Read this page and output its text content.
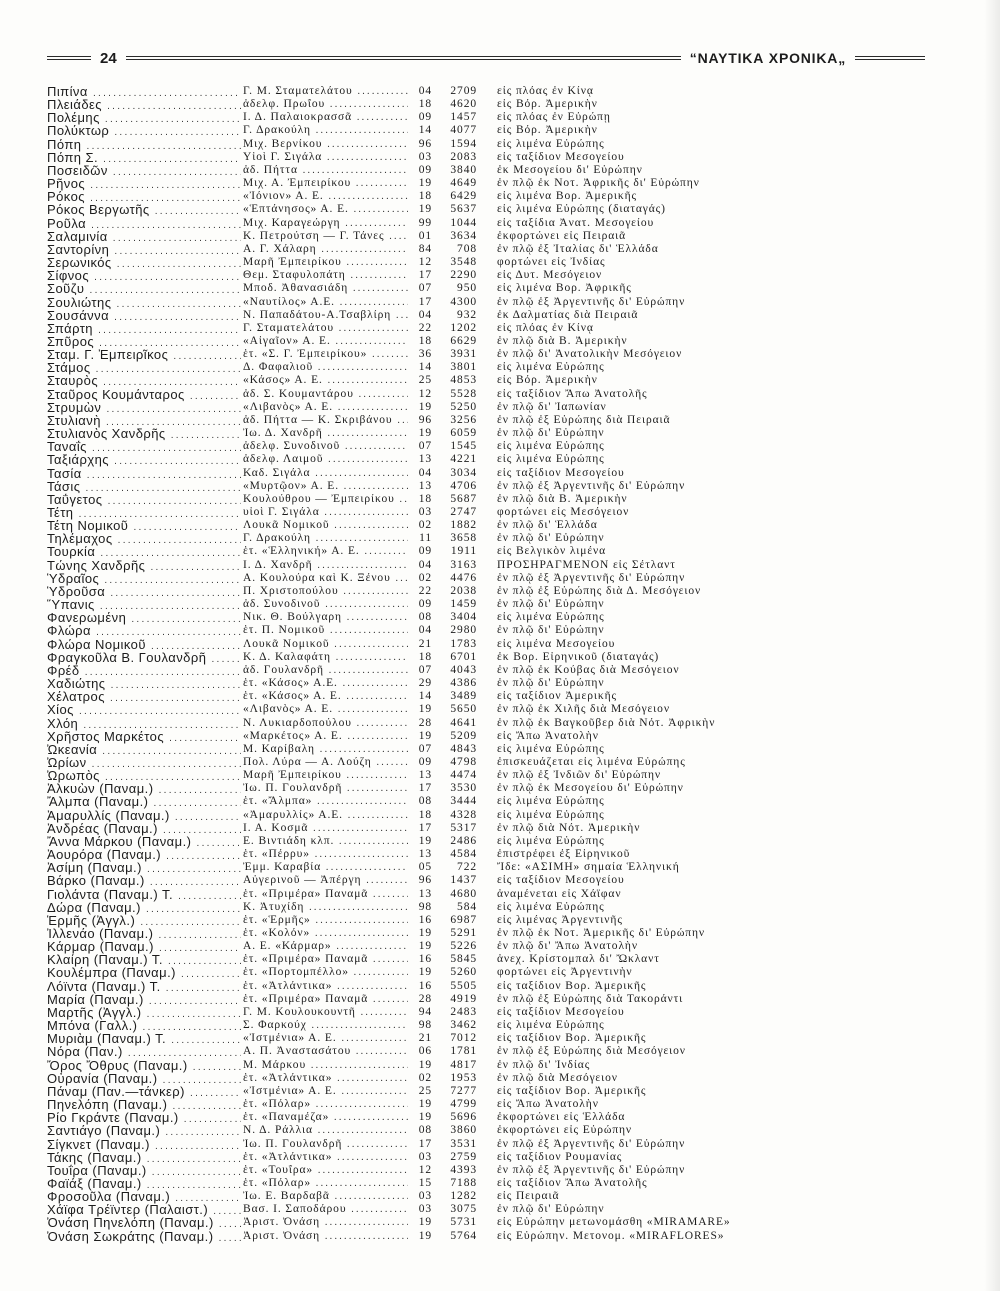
24	“ΝΑΥΤΙΚΑ ΧΡΟΝΙΚΑ„
Πιπίνα .....	Γ. Μ. Σταματελάτου .....	04	2709 εἰς πλόας ἐν Κίνᾳ
Πλειάδες .....	ἀδελφ. Πρωΐου .....	18	4620 εἰς Βόρ. Ἀμερικὴν
Πολέμης .....	Ι. Δ. Παλαιοκρασσᾶ .....	09	1457 εἰς πλόας ἐν Εὐρώπῃ
Πολύκτωρ .....	Γ. Δρακούλη .....	14	4077 εἰς Βόρ. Ἀμερικὴν
Πόπη .....	Μιχ. Βερνίκου .....	96	1594 εἰς λιμένα Εὐρώπης
Πόπη Σ. .....	Υἱοὶ Γ. Σιγάλα .....	03	2083 εἰς ταξίδιον Μεσογείου
Ποσειδῶν .....	ἀδ. Πήττα .....	09	3840 ἐκ Μεσογείου δι' Εὐρώπην
Ρῆνος .....	Μιχ. Α. Ἐμπειρίκου .....	19	4649 ἐν πλῷ ἐκ Νοτ. Ἀφρικῆς δι' Εὐρώπην
Ρόκος .....	«Ἰόνιον» Α. Ε. .....	18	6429 εἰς λιμένα Βορ. Ἀμερικῆς
Ρόκος Βεργωτῆς .....	«Ἑπτάνησος» Α. Ε. .....	19	5637 εἰς λιμένα Εὐρώπης (διαταγάς)
Ροῦλα .....	Μιχ. Καραγεώργη .....	99	1044 εἰς ταξίδια Ἀνατ. Μεσογείου
Σαλαμινία .....	Κ. Πετρούτση — Γ. Τάνες .....	01	3634 ἐκφορτώνει εἰς Πειραιᾶ
Σαντορίνη .....	Α. Γ. Χάλαρη .....	84	708 ἐν πλῷ ἐξ Ἰταλίας δι' Ἑλλάδα
Σερωνικός .....	Μαρῆ Ἐμπειρίκου .....	12	3548 φορτώνει εἰς Ἰνδίας
Σίφνος .....	Θεμ. Σταφυλοπάτη .....	17	2290 εἰς Δυτ. Μεσόγειον
Σοῦζυ .....	Μποδ. Ἀθανασιάδη .....	07	950 εἰς λιμένα Βορ. Ἀφρικῆς
Σουλιώτης .....	«Ναυτίλος» Α.Ε. .....	17	4300 ἐν πλῷ ἐξ Ἀργεντινῆς δι' Εὐρώπην
Σουσάννα .....	Ν. Παπαδάτου-Α.Τσαβλίρη .....	04	932 ἐκ Δαλματίας διὰ Πειραιᾶ
Σπάρτη .....	Γ. Σταματελάτου .....	22	1202 εἰς πλόας ἐν Κίνᾳ
Σπῦρος .....	«Αἰγαῖον» Α. Ε. .....	18	6629 ἐν πλῷ διὰ Β. Ἀμερικὴν
Σταμ. Γ. Ἐμπειρῖκος .....	ἑτ. «Σ. Γ. Ἐμπειρίκου» .....	36	3931 ἐν πλῷ δι' Ἀνατολικὴν Μεσόγειον
Στάμος .....	Δ. Φαφαλιοῦ .....	14	3801 εἰς λιμένα Εὐρώπης
Σταυρὸς .....	«Κάσος» Α. Ε. .....	25	4853 εἰς Βόρ. Ἀμερικὴν
Σταῦρος Κουμάνταρος .....	ἀδ. Σ. Κουμαντάρου .....	12	5528 εἰς ταξίδιον Ἄπω Ἀνατολῆς
Στρυμὼν .....	«Λιβανὸς» Α. Ε. .....	19	5250 ἐν πλῷ δι' Ἰαπωνίαν
Στυλιανὴ .....	ἀδ. Πήττα — Κ. Σκριβάνου .....	96	3256 ἐν πλῷ ἐξ Εὐρώπης διὰ Πειραιᾶ
Στυλιανὸς Χανδρῆς .....	Ἰω. Δ. Χανδρῆ .....	19	6059 ἐν πλῷ δι' Εὐρώπην
Ταναΐς .....	ἀδελφ. Συνοδινοῦ .....	07	1545 εἰς λιμένα Εὐρώπης
Ταξιάρχης .....	ἀδελφ. Λαιμοῦ .....	13	4221 εἰς λιμένα Εὐρώπης
Τασία .....	Καδ. Σιγάλα .....	04	3034 εἰς ταξίδιον Μεσογείου
Τάσις .....	«Μυρτῷον» Α. Ε. .....	13	4706 ἐν πλῷ ἐξ Ἀργεντινῆς δι' Εὐρώπην
Ταΰγετος .....	Κουλούθρου — Ἐμπειρίκου .....	18	5687 ἐν πλῷ διὰ Β. Ἀμερικὴν
Τέτη .....	υἱοὶ Γ. Σιγάλα .....	03	2747 φορτώνει εἰς Μεσόγειον
Τέτη Νομικοῦ .....	Λουκᾶ Νομικοῦ .....	02	1882 ἐν πλῷ δι' Ἑλλάδα
Τηλέμαχος .....	Γ. Δρακούλη .....	11	3658 ἐν πλῷ δι' Εὐρώπην
Τουρκία .....	ἑτ. «Ἑλληνική» Α. Ε. .....	09	1911 εἰς Βελγικὸν λιμένα
Τώνης Χανδρῆς .....	Ι. Δ. Χανδρῆ .....	04	3163 ΠΡΟΣΗΡΑΓΜΕΝΟΝ εἰς Σέτλαντ
Ὑδραῖος .....	Α. Κουλούρα καὶ Κ. Ξένου .....	02	4476 ἐν πλῷ ἐξ Ἀργεντινῆς δι' Εὐρώπην
Ὑδροῦσα .....	Π. Χριστοπούλου .....	22	2038 ἐν πλῷ ἐξ Εὐρώπης διὰ Δ. Μεσόγειον
Ὕπανις .....	ἀδ. Συνοδινοῦ .....	09	1459 ἐν πλῷ δι' Εὐρώπην
Φανερωμένη .....	Νικ. Θ. Βούλγαρη .....	08	3404 εἰς λιμένα Εὐρώπης
Φλώρα .....	ἑτ. Π. Νομικοῦ .....	04	2980 ἐν πλῷ δι' Εὐρώπην
Φλώρα Νομικοῦ .....	Λουκᾶ Νομικοῦ .....	21	1783 εἰς λιμένα Μεσογείου
Φραγκοῦλα Β. Γουλανδρῆ .....	Κ. Δ. Καλαφάτη .....	18	6701 ἐκ Βορ. Εἰρηνικοῦ (διαταγάς)
Φρέδ .....	ἀδ. Γουλανδρῆ .....	07	4043 ἐν πλῷ ἐκ Κούβας διὰ Μεσόγειον
Χαδιώτης .....	ἑτ. «Κάσος» Α.Ε. .....	29	4386 ἐν πλῷ δι' Εὐρώπην
Χέλατρος .....	ἑτ. «Κάσος» Α. Ε. .....	14	3489 εἰς ταξίδιον Ἀμερικῆς
Χίος .....	«Λιβανὸς» Α. Ε. .....	19	5650 ἐν πλῷ ἐκ Χιλῆς διὰ Μεσόγειον
Χλόη .....	Ν. Λυκιαρδοπούλου .....	28	4641 ἐν πλῷ ἐκ Βαγκοῦβερ διὰ Νότ. Ἀφρικὴν
Χρῆστος Μαρκέτος .....	«Μαρκέτος» Α. Ε. .....	19	5209 εἰς Ἄπω Ἀνατολὴν
Ὠκεανία .....	Μ. Καρίβαλη .....	07	4843 εἰς λιμένα Εὐρώπης
Ὠρίων .....	Πολ. Λύρα — Α. Λούζη .....	09	4798 ἐπισκευάζεται εἰς λιμένα Εὐρώπης
Ὠρωπὸς .....	Μαρῆ Ἐμπειρίκου .....	13	4474 ἐν πλῷ ἐξ Ἰνδιῶν δι' Εὐρώπην
Ἀλκυὼν (Παναμ.) .....	Ἰω. Π. Γουλανδρῆ .....	17	3530 ἐν πλῷ ἐκ Μεσογείου δι' Εὐρώπην
Ἄλμπα (Παναμ.) .....	ἑτ. «Ἄλμπα» .....	08	3444 εἰς λιμένα Εὐρώπης
Ἀμαρυλλίς (Παναμ.) .....	«Ἀμαρυλλίς» Α.Ε. .....	18	4328 εἰς λιμένα Εὐρώπης
Ἀνδρέας (Παναμ.) .....	Ι. Α. Κοσμᾶ .....	17	5317 ἐν πλῷ διὰ Νότ. Ἀμερικὴν
Ἄννα Μάρκου (Παναμ.) .....	Ε. Βιντιάδη κλπ. .....	19	2486 εἰς λιμένα Εὐρώπης
Ἀουρόρα (Παναμ.) .....	ἑτ. «Πέρρυ» .....	13	4584 ἐπιστρέφει ἐξ Εἰρηνικοῦ
Ἀσίμη (Παναμ.) .....	Ἐμμ. Καραβία .....	05	722 Ἴδε: «ΑΣΙΜΗ» σημαία Ἑλληνική
Βάρκο (Παναμ.) .....	Αὐγερινοῦ — Ἀπέργη .....	96	1437 εἰς ταξίδιον Μεσογείου
Γιολάντα (Παναμ.) Τ. .....	ἑτ. «Πριμέρα» Παναμᾶ .....	13	4680 ἀναμένεται εἰς Χάϊφαν
Δώρα (Παναμ.) .....	Κ. Ἀτυχίδη .....	98	584 εἰς λιμένα Εὐρώπης
Ἑρμῆς (Ἀγγλ.) .....	ἑτ. «Ἑρμῆς» .....	16	6987 εἰς λιμένας Ἀργεντινῆς
Ἰλλενάο (Παναμ.) .....	ἑτ. «Κολόν» .....	19	5291 ἐν πλῷ ἐκ Νοτ. Ἀμερικῆς δι' Εὐρώπην
Κάρμαρ (Παναμ.) .....	Α. Ε. «Κάρμαρ» .....	19	5226 ἐν πλῷ δι' Ἄπω Ἀνατολὴν
Κλαίρη (Παναμ.) Τ. .....	ἑτ. «Πριμέρα» Παναμᾶ .....	16	5845 ἀνεχ. Κρίστομπαλ δι' Ὤκλαντ
Κουλέμπρα (Παναμ.) .....	ἑτ. «Πορτομπέλλο» .....	19	5260 φορτώνει εἰς Ἀργεντινὴν
Λόϊντα (Παναμ.) Τ. .....	ἑτ. «Ἀτλάντικα» .....	16	5505 εἰς ταξίδιον Βορ. Ἀμερικῆς
Μαρία (Παναμ.) .....	ἑτ. «Πριμέρα» Παναμᾶ .....	28	4919 ἐν πλῷ ἐξ Εὐρώπης διὰ Τακοράντι
Μαρτῆς (Ἀγγλ.) .....	Γ. Μ. Κουλουκουντῆ .....	94	2483 εἰς ταξίδιον Μεσογείου
Μπόνα (Γαλλ.) .....	Σ. Φαρκούχ .....	98	3462 εἰς λιμένα Εὐρώπης
Μυριὰμ (Παναμ.) Τ. .....	«Ἰστμένια» Α. Ε. .....	21	7012 εἰς ταξίδιον Βορ. Ἀμερικῆς
Νόρα (Παν.) .....	Α. Π. Ἀναστασάτου .....	06	1781 ἐν πλῷ ἐξ Εὐρώπης διὰ Μεσόγειον
Ὄρος Ὄθρυς (Παναμ.) .....	Μ. Μάρκου .....	19	4817 ἐν πλῷ δι' Ἰνδίας
Οὐρανία (Παναμ.) .....	ἑτ. «Ἀτλάντικα» .....	02	1953 ἐν πλῷ διὰ Μεσόγειον
Πάναμ (Παν.—τάνκερ) .....	«Ἰστμένια» Α. Ε. .....	25	7277 εἰς ταξίδιον Βορ. Ἀμερικῆς
Πηνελόπη (Παναμ.) .....	ἑτ. «Πόλαρ» .....	19	4799 εἰς Ἄπω Ἀνατολὴν
Ρίο Γκράντε (Παναμ.) .....	ἑτ. «Παναμέζα» .....	19	5696 ἐκφορτώνει εἰς Ἑλλάδα
Σαντιάγο (Παναμ.) .....	Ν. Δ. Ράλλια .....	08	3860 ἐκφορτώνει εἰς Εὐρώπην
Σίγκνετ (Παναμ.) .....	Ἰω. Π. Γουλανδρῆ .....	17	3531 ἐν πλῷ ἐξ Ἀργεντινῆς δι' Εὐρώπην
Τάκης (Παναμ.) .....	ἑτ. «Ἀτλάντικα» .....	03	2759 εἰς ταξίδιον Ρουμανίας
Τουΐρα (Παναμ.) .....	ἑτ. «Τουΐρα» .....	12	4393 ἐν πλῷ ἐξ Ἀργεντινῆς δι' Εὐρώπην
Φαϊάξ (Παναμ.) .....	ἑτ. «Πόλαρ» .....	15	7188 εἰς ταξίδιον Ἄπω Ἀνατολῆς
Φροσοῦλα (Παναμ.) .....	Ἰω. Ε. Βαρδαβᾶ .....	03	1282 εἰς Πειραιᾶ
Χάϊφα Τρέϊντερ (Παλαιστ.) .....	Βασ. Ι. Σαποδάρου .....	03	3075 ἐν πλῷ δι' Εὐρώπην
Ὀνάση Πηνελόπη (Παναμ.) .....	Ἀριστ. Ὀνάση .....	19	5731 εἰς Εὐρώπην μετωνομάσθη «MIRAMARE»
Ὀνάση Σωκράτης (Παναμ.) .....	Ἀριστ. Ὀνάση .....	19	5764 εἰς Εὐρώπην. Μετονομ. «MIRAFLORES»
